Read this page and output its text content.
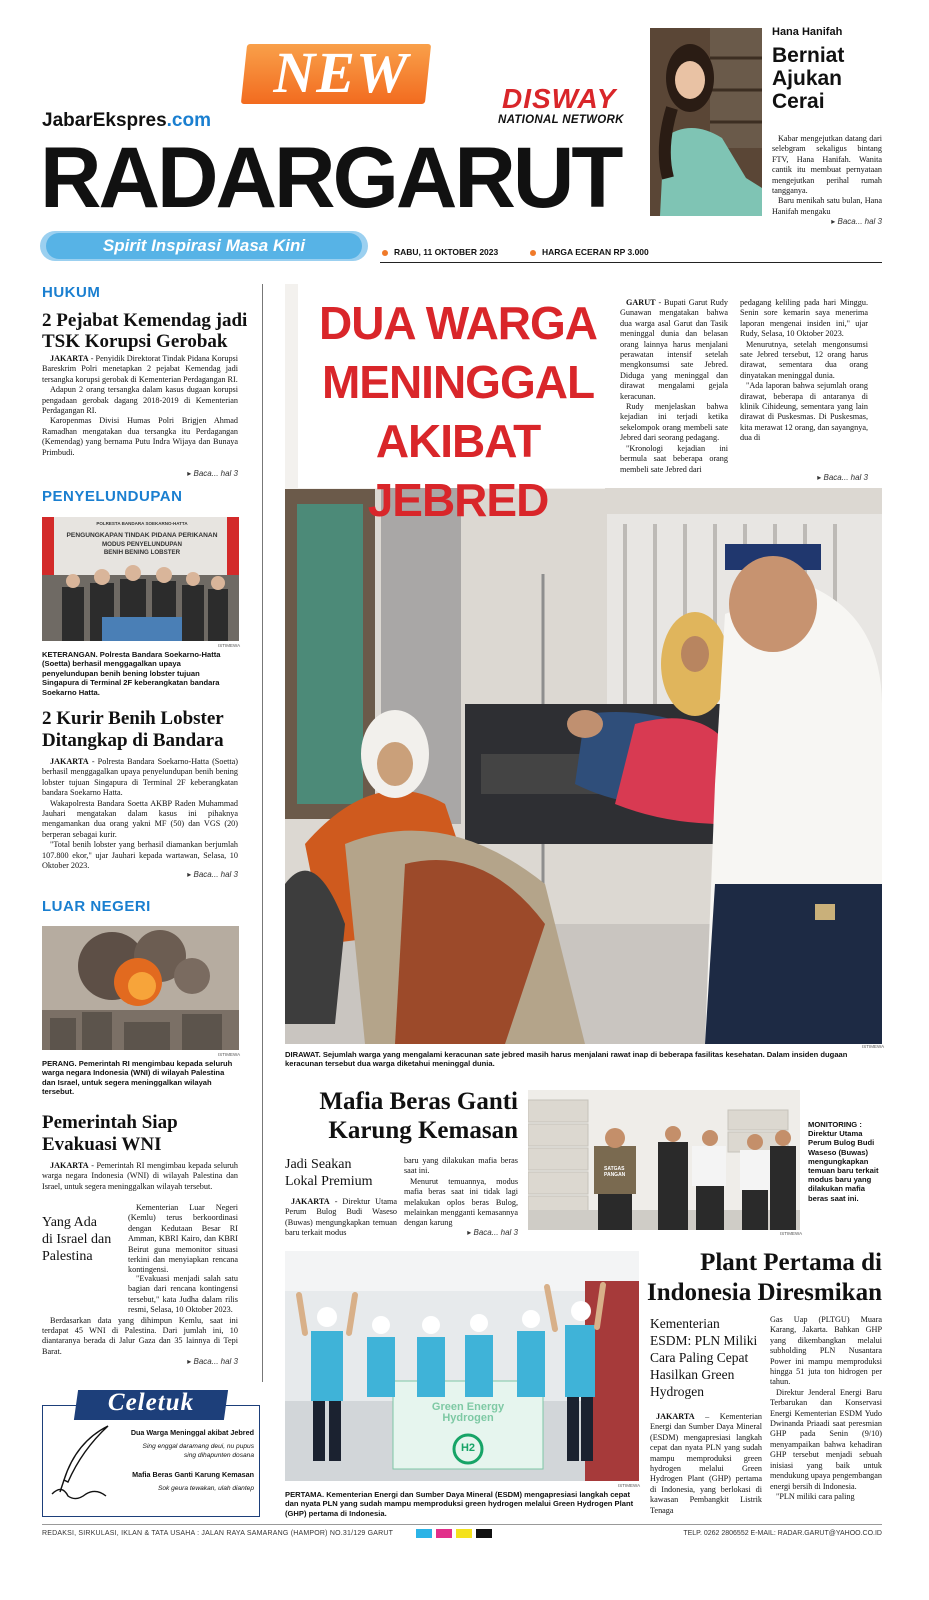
NEW
JabarEkspres.com
DISWAY
NATIONAL NETWORK
RADARGARUT
Spirit Inspirasi Masa Kini	RABU, 11 OKTOBER 2023	HARGA ECERAN RP 3.000
Hana Hanifah
Berniat
Ajukan
Cerai

Kabar mengejutkan datang dari selebgram sekaligus bintang FTV, Hana Hanifah. Wanita cantik itu membuat pernyataan mengejutkan perihal rumah tangganya.

Baru menikah satu bulan, Hana Hanifah mengaku

▸ Baca... hal 3
HUKUM
2 Pejabat Kemendag jadi
TSK Korupsi Gerobak

JAKARTA - Penyidik Direktorat Tindak Pidana Korupsi Bareskrim Polri menetapkan 2 pejabat Kemendag jadi tersangka korupsi gerobak di Kementerian Perdagangan RI.

Adapun 2 orang tersangka dalam kasus dugaan korupsi pengadaan gerobak dagang 2018-2019 di Kementerian Perdagangan RI.

Karopenmas Divisi Humas Polri Brigjen Ahmad Ramadhan mengatakan dua tersangka itu Perdagangan (Kemendag) yang bernama Putu Indra Wijaya dan Bunaya Primbudi.

▸ Baca... hal 3
PENYELUNDUPAN
POLRESTA BANDARA SOEKARNO-HATTA
PENGUNGKAPAN TINDAK PIDANA PERIKANAN
MODUS PENYELUNDUPAN
BENIH BENING LOBSTER
ISTIMEWA
KETERANGAN. Polresta Bandara Soekarno-Hatta (Soetta) berhasil menggagalkan upaya penyelundupan benih bening lobster tujuan Singapura di Terminal 2F keberangkatan bandara Soekarno Hatta.
2 Kurir Benih Lobster
Ditangkap di Bandara

JAKARTA - Polresta Bandara Soekarno-Hatta (Soetta) berhasil menggagalkan upaya penyelundupan benih bening lobster tujuan Singapura di Terminal 2F keberangkatan bandara Soekarno Hatta.

Wakapolresta Bandara Soetta AKBP Raden Muhammad Jauhari mengatakan dalam kasus ini pihaknya mengamankan dua orang yakni MF (50) dan VGS (20) berperan sebagai kurir.

"Total benih lobster yang berhasil diamankan berjumlah 107.800 ekor," ujar Jauhari kepada wartawan, Selasa, 10 Oktober 2023.

▸ Baca... hal 3
LUAR NEGERI
ISTIMEWA
PERANG. Pemerintah RI mengimbau kepada seluruh warga negara Indonesia (WNI) di wilayah Palestina dan Israel, untuk segera meninggalkan wilayah tersebut.
Pemerintah Siap
Evakuasi WNI

JAKARTA - Pemerintah RI mengimbau kepada seluruh warga negara Indonesia (WNI) di wilayah Palestina dan Israel, untuk segera meninggalkan wilayah tersebut.

Yang Ada
di Israel dan
Palestina

Kementerian Luar Negeri (Kemlu) terus berkoordinasi dengan Kedutaan Besar RI Amman, KBRI Kairo, dan KBRI Beirut guna memonitor situasi terkini dan menyiapkan rencana kontingensi.

"Evakuasi menjadi salah satu bagian dari rencana kontingensi tersebut," kata Judha dalam rilis resmi, Selasa, 10 Oktober 2023.

Berdasarkan data yang dihimpun Kemlu, saat ini terdapat 45 WNI di Palestina. Dari jumlah ini, 10 diantaranya berada di Jalur Gaza dan 35 lainnya di Tepi Barat.

▸ Baca... hal 3
Celetuk
Dua Warga Meninggal akibat Jebred
Sing enggal daramang deui, nu pupus
sing dihapunten dosana
Mafia Beras Ganti Karung Kemasan
Sok geura tewakan, ulah diantep
DUA WARGA
MENINGGAL
AKIBAT JEBRED

GARUT - Bupati Garut Rudy Gunawan mengatakan bahwa dua warga asal Garut dan Tasik meninggal dunia dan belasan orang lainnya harus menjalani perawatan intensif setelah mengkonsumsi sate Jebred. Diduga yang meninggal dan dirawat mengalami gejala keracunan.

Rudy menjelaskan bahwa kejadian ini terjadi ketika sekelompok orang membeli sate Jebred dari seorang pedagang.

"Kronologi kejadian ini bermula saat beberapa orang membeli sate Jebred dari

pedagang keliling pada hari Minggu. Senin sore kemarin saya menerima laporan mengenai insiden ini," ujar Rudy, Selasa, 10 Oktober 2023.

Menurutnya, setelah mengonsumsi sate Jebred tersebut, 12 orang harus dirawat, sementara dua orang dinyatakan meninggal dunia.

"Ada laporan bahwa sejumlah orang dirawat, beberapa di antaranya di klinik Cihideung, sementara yang lain dirawat di Puskesmas. Di Puskesmas, kita merawat 12 orang, dan sayangnya, dua di

▸ Baca... hal 3
ISTIMEWA
DIRAWAT. Sejumlah warga yang mengalami keracunan sate jebred masih harus menjalani rawat inap di beberapa fasilitas kesehatan. Dalam insiden dugaan keracunan tersebut dua warga diketahui meninggal dunia.
Mafia Beras Ganti
Karung Kemasan
Jadi Seakan
Lokal Premium

JAKARTA - Direktur Utama Perum Bulog Budi Waseso (Buwas) mengungkapkan temuan baru terkait modus

baru yang dilakukan mafia beras saat ini.

Menurut temuannya, modus mafia beras saat ini tidak lagi melakukan oplos beras Bulog, melainkan mengganti kemasannya dengan karung

▸ Baca... hal 3
SATGAS
PANGAN
ISTIMEWA
MONITORING : Direktur Utama Perum Bulog Budi Waseso (Buwas) mengungkapkan temuan baru terkait modus baru yang dilakukan mafia beras saat ini.
Green Energy
Hydrogen
H2
ISTIMEWA
PERTAMA. Kementerian Energi dan Sumber Daya Mineral (ESDM) mengapresiasi langkah cepat dan nyata PLN yang sudah mampu memproduksi green hydrogen melalui Green Hydrogen Plant (GHP) pertama di Indonesia.
Plant Pertama di
Indonesia Diresmikan
Kementerian ESDM: PLN Miliki Cara Paling Cepat Hasilkan Green Hydrogen

JAKARTA – Kementerian Energi dan Sumber Daya Mineral (ESDM) mengapresiasi langkah cepat dan nyata PLN yang sudah mampu memproduksi green hydrogen melalui Green Hydrogen Plant (GHP) pertama di Indonesia, yang berlokasi di kawasan Pembangkit Listrik Tenaga

Gas Uap (PLTGU) Muara Karang, Jakarta. Bahkan GHP yang dikembangkan melalui subholding PLN Nusantara Power ini mampu memproduksi hingga 51 juta ton hidrogen per tahun.

Direktur Jenderal Energi Baru Terbarukan dan Konservasi Energi Kementerian ESDM Yudo Dwinanda Priaadi saat peresmian GHP pada Senin (9/10) menyampaikan bahwa kehadiran GHP tersebut menjadi sebuah inisiasi yang baik untuk mendukung upaya pengembangan energi bersih di Indonesia.

"PLN miliki cara paling

REDAKSI, SIRKULASI, IKLAN & TATA USAHA : JALAN RAYA SAMARANG (HAMPOR) NO.31/129 GARUT	TELP. 0262 2806552 E-MAIL: RADAR.GARUT@YAHOO.CO.ID
